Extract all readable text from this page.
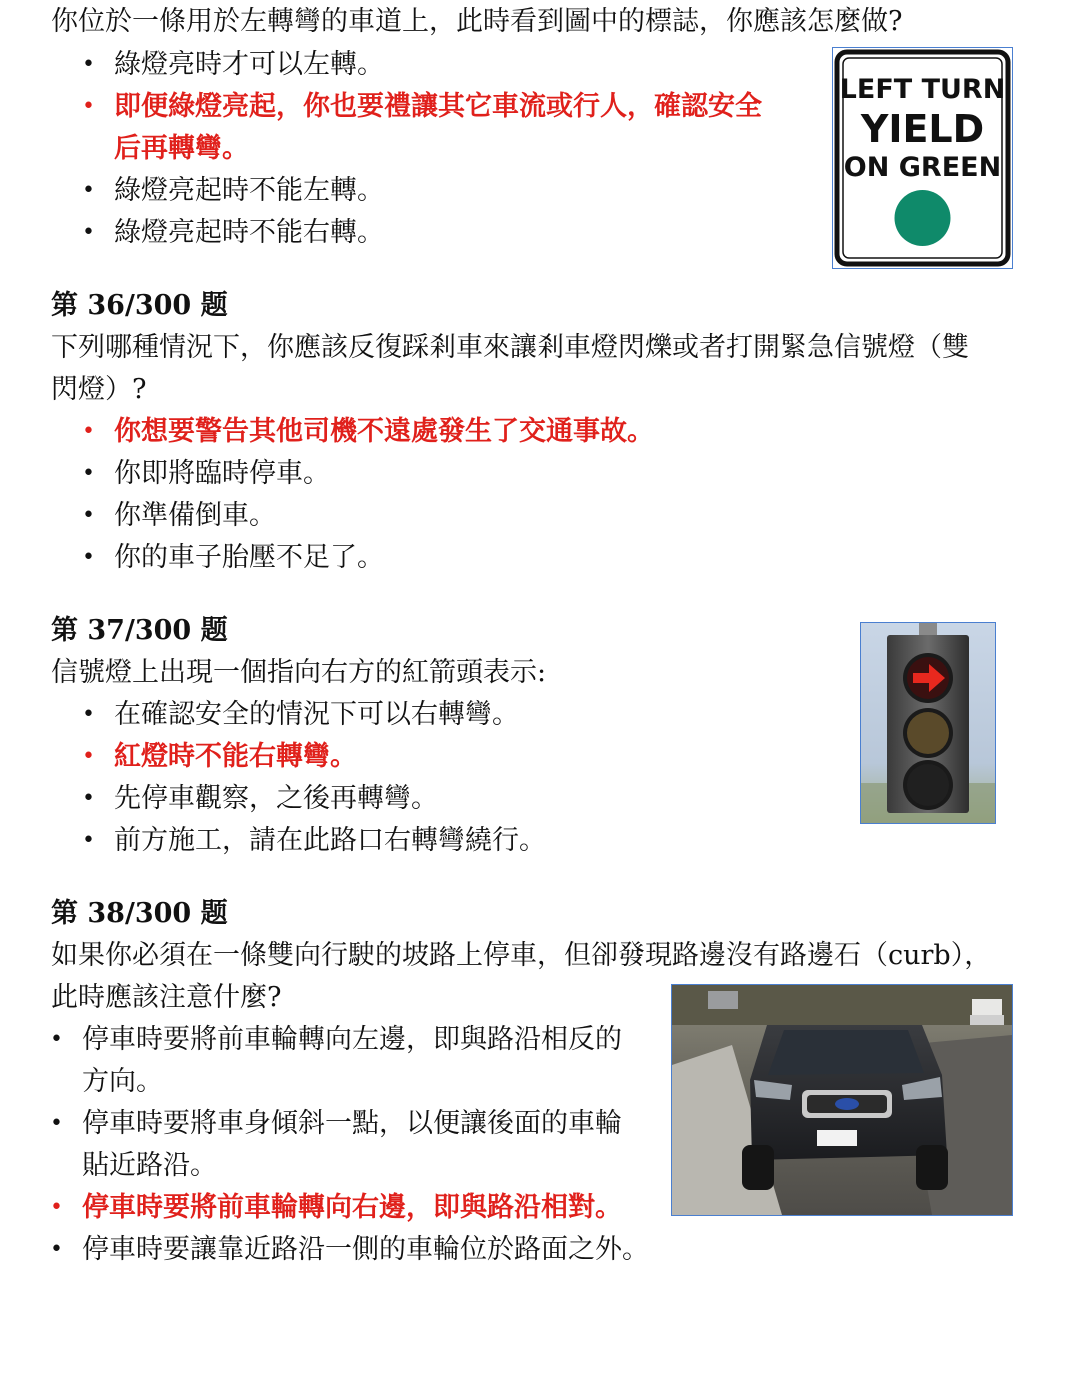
你位於一條用於左轉彎的車道上，此時看到圖中的標誌，你應該怎麼做?
• 綠燈亮時才可以左轉。
• 即便綠燈亮起，你也要禮讓其它車流或行人，確認安全
后再轉彎。
• 綠燈亮起時不能左轉。
• 綠燈亮起時不能右轉。
LEFT TURN
YIELD
ON GREEN
第 36/300 题
下列哪種情況下，你應該反復踩剎車來讓剎車燈閃爍或者打開緊急信號燈（雙
閃燈）?
• 你想要警告其他司機不遠處發生了交通事故。
• 你即將臨時停車。
• 你準備倒車。
• 你的車子胎壓不足了。
第 37/300 题
信號燈上出現一個指向右方的紅箭頭表示:
• 在確認安全的情況下可以右轉彎。
• 紅燈時不能右轉彎。
• 先停車觀察，之後再轉彎。
• 前方施工，請在此路口右轉彎繞行。
第 38/300 题
如果你必須在一條雙向行駛的坡路上停車，但卻發現路邊沒有路邊石（curb），
此時應該注意什麼?
• 停車時要將前車輪轉向左邊，即與路沿相反的
方向。
• 停車時要將車身傾斜一點，以便讓後面的車輪
貼近路沿。
• 停車時要將前車輪轉向右邊，即與路沿相對。
• 停車時要讓靠近路沿一側的車輪位於路面之外。
